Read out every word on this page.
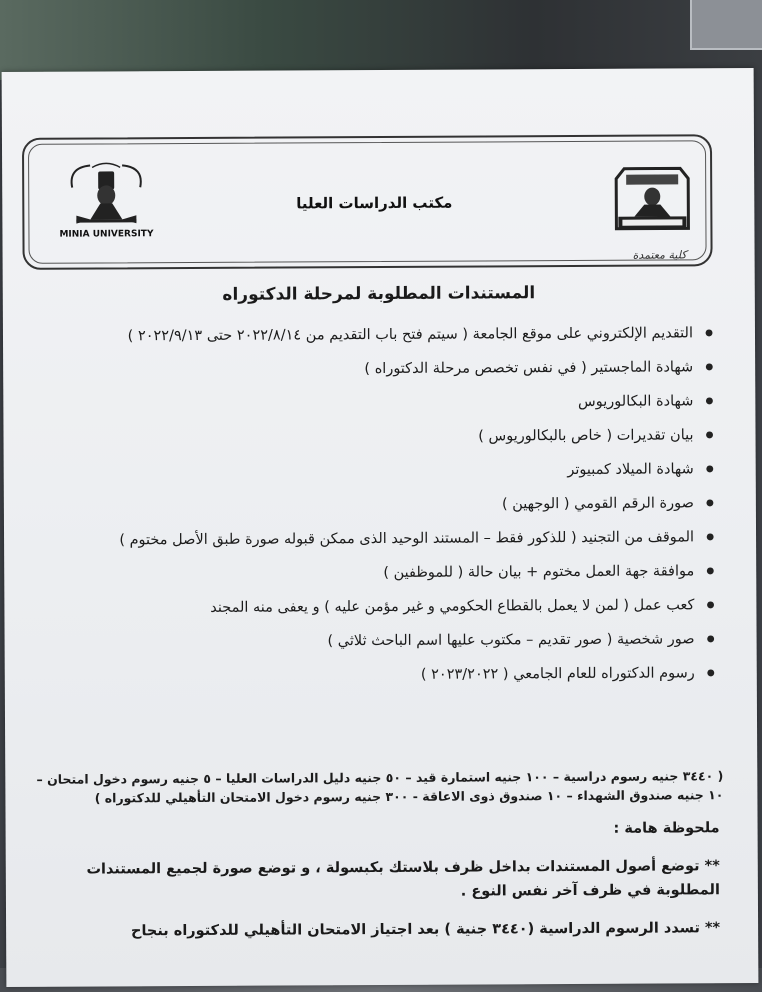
MINIA UNIVERSITY
مكتب الدراسات العليا
كلية معتمدة
المستندات المطلوبة لمرحلة الدكتوراه
● التقديم الإلكتروني على موقع الجامعة ( سيتم فتح باب التقديم من ٢٠٢٢/٨/١٤ حتى ٢٠٢٢/٩/١٣ )
● شهادة الماجستير ( في نفس تخصص مرحلة الدكتوراه )
● شهادة البكالوريوس
● بيان تقديرات ( خاص بالبكالوريوس )
● شهادة الميلاد كمبيوتر
● صورة الرقم القومي ( الوجهين )
● الموقف من التجنيد ( للذكور فقط – المستند الوحيد الذى ممكن قبوله صورة طبق الأصل مختوم )
● موافقة جهة العمل مختوم + بيان حالة ( للموظفين )
● كعب عمل ( لمن لا يعمل بالقطاع الحكومي و غير مؤمن عليه ) و يعفى منه المجند
● صور شخصية ( صور تقديم – مكتوب عليها اسم الباحث ثلاثي )
● رسوم الدكتوراه للعام الجامعي ( ٢٠٢٣/٢٠٢٢ )
( ٣٤٤٠ جنيه رسوم دراسية – ١٠٠ جنيه استمارة قيد – ٥٠ جنيه دليل الدراسات العليا – ٥ جنيه رسوم دخول امتحان – ١٠ جنيه صندوق الشهداء – ١٠ صندوق ذوى الاعاقة - ٣٠٠ جنيه رسوم دخول الامتحان التأهيلي للدكتوراه )
ملحوظة هامة :
** توضع أصول المستندات بداخل ظرف بلاستك بكبسولة ، و توضع صورة لجميع المستندات المطلوبة في ظرف آخر نفس النوع .
** تسدد الرسوم الدراسية (٣٤٤٠ جنية ) بعد اجتياز الامتحان التأهيلي للدكتوراه بنجاح
